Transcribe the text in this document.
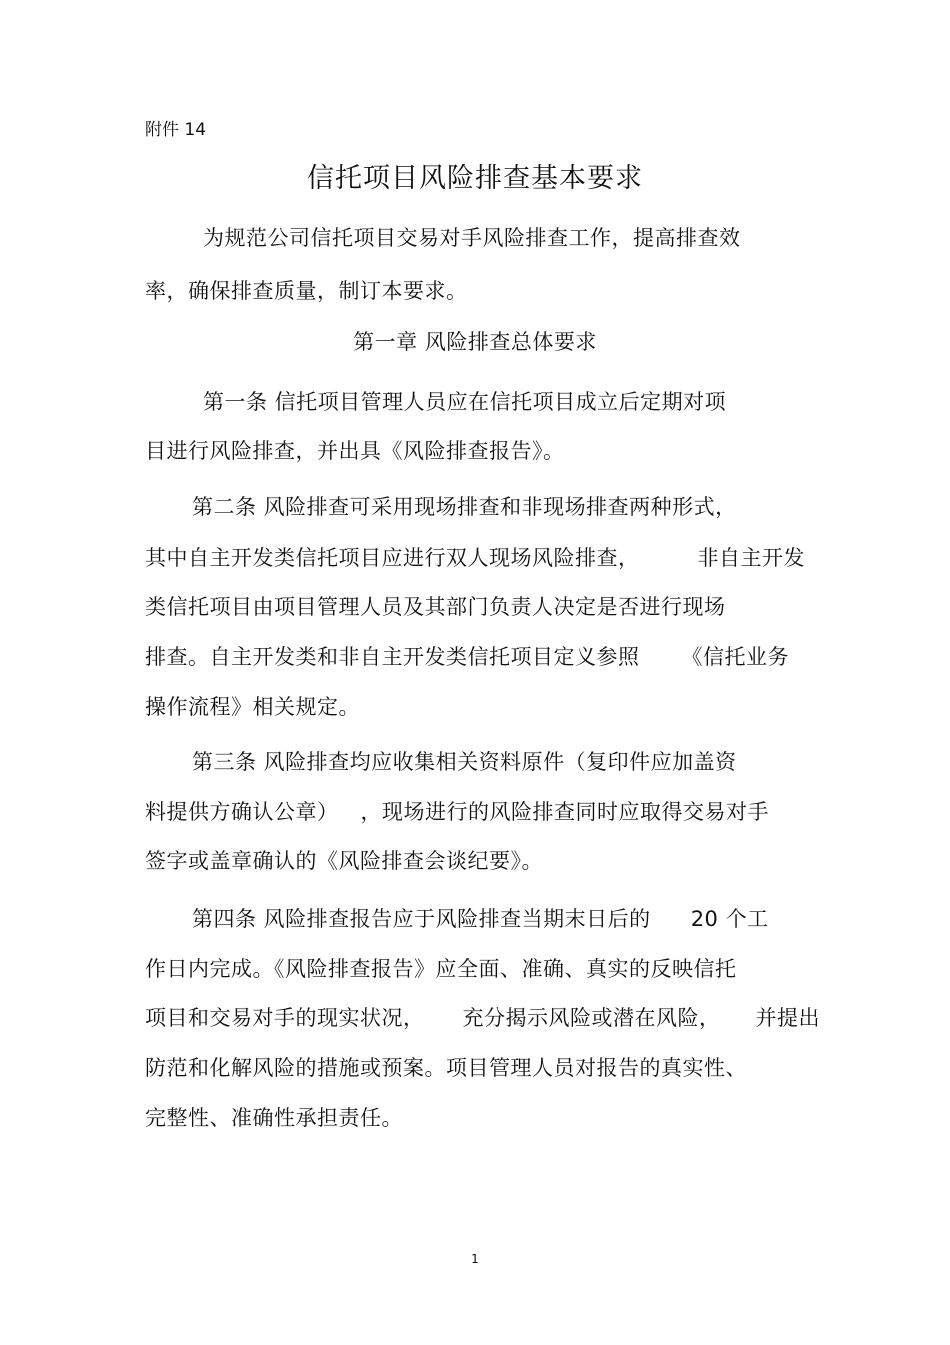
附件 14
信托项目风险排查基本要求
为规范公司信托项目交易对手风险排查工作，提高排查效
率，确保排查质量，制订本要求。
第一章 风险排查总体要求
第一条 信托项目管理人员应在信托项目成立后定期对项
目进行风险排查，并出具《风险排查报告》。
第二条 风险排查可采用现场排查和非现场排查两种形式，
其中自主开发类信托项目应进行双人现场风险排查，	非自主开发
类信托项目由项目管理人员及其部门负责人决定是否进行现场
排查。自主开发类和非自主开发类信托项目定义参照 《信托业务
操作流程》相关规定。
第三条 风险排查均应收集相关资料原件（复印件应加盖资
料提供方确认公章） ，现场进行的风险排查同时应取得交易对手
签字或盖章确认的《风险排查会谈纪要》。
第四条 风险排查报告应于风险排查当期末日后的 20 个工
作日内完成。《风险排查报告》应全面、准确、真实的反映信托
项目和交易对手的现实状况， 充分揭示风险或潜在风险， 并提出
防范和化解风险的措施或预案。项目管理人员对报告的真实性、
完整性、准确性承担责任。
1
